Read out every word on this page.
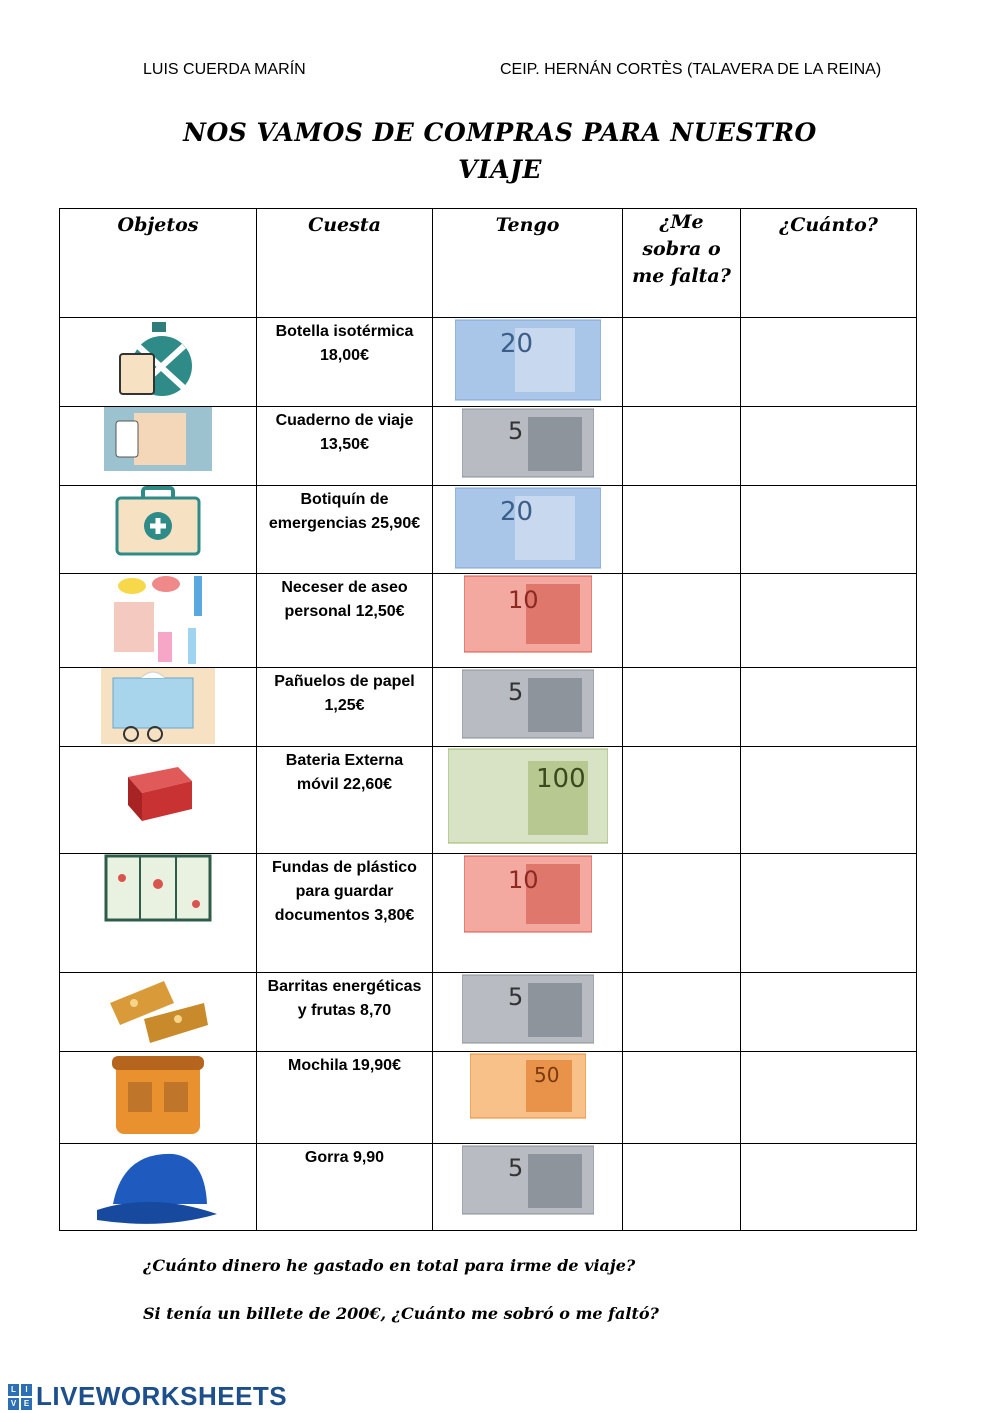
LUIS CUERDA MARÍN	CEIP. HERNÁN CORTÈS (TALAVERA DE LA REINA)
NOS VAMOS DE COMPRAS PARA NUESTRO
VIAJE
Objetos	Cuesta	Tengo	¿Me sobra o me falta?	¿Cuánto?

	Botella isotérmica 18,00€	20		

	Cuaderno de viaje 13,50€	5		

	Botiquín de emergencias 25,90€	20		

	Neceser de aseo personal 12,50€	10		

	Pañuelos de papel 1,25€	5		

	Bateria Externa móvil 22,60€	100		

	Fundas de plástico para guardar documentos 3,80€	10		

	Barritas energéticas y frutas 8,70	5		

	Mochila 19,90€	50		

	Gorra 9,90	5		

¿Cuánto dinero he gastado en total para irme de viaje?
Si tenía un billete de 200€, ¿Cuánto me sobró o me faltó?
L	I
V E LIVEWORKSHEETS
